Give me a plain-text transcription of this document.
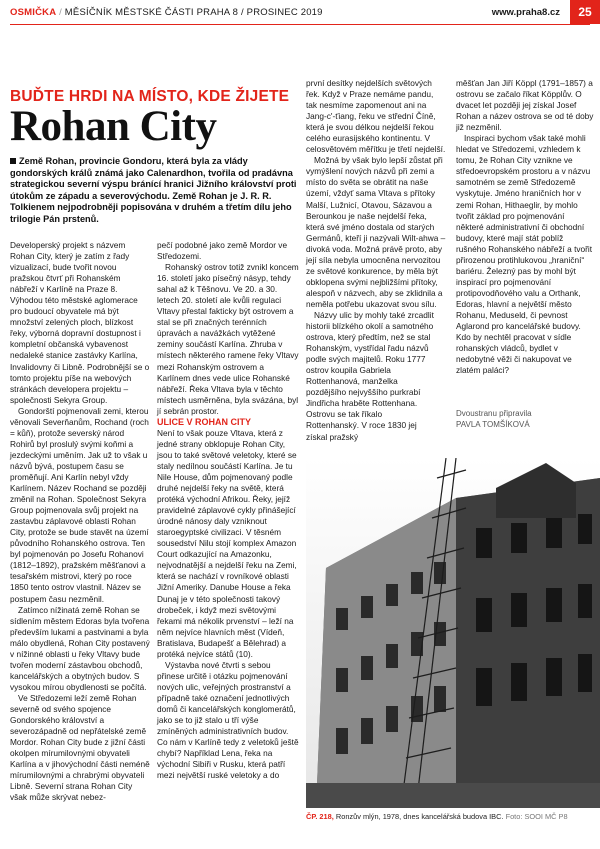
OSMIČKA / MĚSÍČNÍK MĚSTSKÉ ČÁSTI PRAHA 8 / PROSINEC 2019	www.praha8.cz	25
BUĎTE HRDI NA MÍSTO, KDE ŽIJETE
Rohan City
Země Rohan, provincie Gondoru, která byla za vlády gondorských králů známá jako Calenardhon, tvořila od pradávna strategickou severní výspu bránící hranici Jižního království proti útokům ze západu a severovýchodu. Země Rohan je J. R. R. Tolkienem nejpodrobněji popisována v druhém a třetím dílu jeho trilogie Pán prstenů.

Developerský projekt s názvem Rohan City, který je zatím z řady vizualizací, bude tvořit novou pražskou čtvrť při Rohanském nábřeží v Karlíně na Praze 8. Výhodou této městské aglomerace pro budoucí obyvatele má být množství zelených ploch, blízkost řeky, výborná dopravní dostupnost i kompletní občanská vybavenost nedaleké stanice zastávky Karlína, Invalidovny či Libně. Podrobnější se o tomto projektu píše na webových stránkách developera projektu – společnosti Sekyra Group.

Gondorští pojmenovali zemi, kterou věnovali Severňanům, Rochand (roch = kůň), protože severský národ Rohirů byl proslulý svými koňmi a jezdeckými uměním. Jak už to však u názvů bývá, postupem času se proměňují. Ani Karlín nebyl vždy Karlínem. Název Rochand se později změnil na Rohan. Společnost Sekyra Group pojmenovala svůj projekt na zastavbu záplavové oblasti Rohan City, protože se bude stavět na území původního Rohanského ostrova. Ten byl pojmenován po Josefu Rohanovi (1812–1892), pražském měšťanovi a tesařském mistrovi, který po roce 1850 tento ostrov vlastnil. Název se postupem času nezměnil.

Zatímco nížinatá země Rohan se sídlením městem Edoras byla tvořena především lukami a pastvinami a byla málo obydlená, Rohan City postavený v nížinné oblasti u řeky Vltavy bude tvořen moderní zástavbou obchodů, kancelářských a obytných budov. S vysokou mírou obydlenosti se počítá.

Ve Středozemi leží země Rohan severně od svého spojence Gondorského království a severozápadně od nepřátelské země Mordor. Rohan City bude z jižní části okolpen mírumilovnými obyvateli Karlína a v jihovýchodní části neméně mírumilovnými a chrabrými obyvateli Libně. Severní strana Rohan City však může skrývat nebez-

pečí podobné jako země Mordor ve Středozemi.

Rohanský ostrov totiž zvnikl koncem 16. století jako písečný násyp, tehdy sahal až k Těšnovu. Ve 20. a 30. letech 20. století ale kvůli regulaci Vltavy přestal fakticky být ostrovem a stal se při značných terénních úpravách a navážkách vytěžené zeminy součástí Karlína. Zhruba v místech některého ramene řeky Vltavy mezi Rohanským ostrovem a Karlínem dnes vede ulice Rohanské nábřeží. Řeka Vltava byla v těchto místech usměrněna, byla svázána, byl jí sebrán prostor.

ULICE V ROHAN CITY

Není to však pouze Vltava, která z jedné strany obklopuje Rohan City, jsou to také světové veletoky, které se staly nedílnou součástí Karlína. Je tu Nile House, dům pojmenovaný podle druhé nejdelší řeky na světě, která protéká východní Afrikou. Řeky, jejíž pravidelné záplavové cykly přinášející úrodné nánosy daly vzniknout staroegyptské civilizaci. V těsném sousedství Nilu stojí komplex Amazon Court odkazující na Amazonku, nejvodnatější a nejdelší řeku na Zemi, která se nachází v rovníkové oblasti Jižní Ameriky. Danube House a řeka Dunaj je v této společnosti takový drobeček, i když mezi světovými řekami má nékolik prvenství – leží na něm nejvíce hlavních měst (Vídeň, Bratislava, Budapešť a Bělehrad) a protéká nejvíce států (10).

Výstavba nové čtvrti s sebou přinese určitě i otázku pojmenování nových ulic, veřejných prostranství a případně také označení jednotlivých domů či kancelářských konglomerátů, jako se to již stalo u tří výše zmíněných administrativních budov. Co nám v Karlíně tedy z veletoků ještě chybí? Například Lena, řeka na východní Sibiři v Rusku, která patří mezi největší ruské veletoky a do

první desítky nejdelších světových řek. Když v Praze nemáme pandu, tak nesmíme zapomenout ani na Jang-c'-ťiang, řeku ve střední Číně, která je svou délkou nejdelší řekou celého eurasijského kontinentu. V celosvětovém měřítku je třetí nejdelší.

Možná by však bylo lepší zůstat při vymýšlení nových názvů při zemi a místo do světa se obrátit na naše území, vždyť sama Vltava s přítoky Malší, Lužnicí, Otavou, Sázavou a Berounkou je naše nejdelší řeka, která své jméno dostala od starých Germánů, kteří ji nazývali Wilt-ahwa – divoká voda. Možná právě proto, aby její síla nebyla umocněna nervozitou ze světové konkurence, by měla být obklopena svými nejbližšími přítoky, alespoň v názvech, aby se zklidnila a neměla potřebu ukazovat svou sílu.

Názvy ulic by mohly také zrcadlit historii blízkého okolí a samotného ostrova, který předtím, než se stal Rohanským, vystřídal řadu názvů podle svých majitelů. Roku 1777 ostrov koupila Gabriela Rottenhanová, manželka pozdějšího nejvyššího purkrabí Jindřicha hraběte Rottenhana. Ostrovu se tak říkalo Rottenhanský. V roce 1830 jej získal pražský

měšťan Jan Jiří Köppl (1791–1857) a ostrovu se začalo říkat Köpplův. O dvacet let později jej získal Josef Rohan a název ostrova se od té doby již nezměnil.

Inspiraci bychom však také mohli hledat ve Středozemi, vzhledem k tomu, že Rohan City vznikne ve středoevropském prostoru a v názvu samotném se země Středozemě vyskytuje. Jméno hraničních hor v zemi Rohan, Hithaeglir, by mohlo tvořit základ pro pojmenování některé administrativní či obchodní budovy, které mají stát poblíž rušného Rohanského nábřeží a tvořit přirozenou protihlukovou „hraniční“ bariéru. Železný pas by mohl být inspirací pro pojmenování protipovodňového valu a Orthank, Edoras, hlavní a největší město Rohanu, Meduseld, či pevnost Aglarond pro kancelářské budovy. Kdo by nechtěl pracovat v sídle rohanských vládců, bydlet v nedobytné věži či nakupovat ve zlatém paláci?

Dvoustranu připravila
PAVLA TOMŠÍKOVÁ
ČP. 218, Ronzův mlýn, 1978, dnes kancelářská budova IBC. Foto: SOOI MČ P8
